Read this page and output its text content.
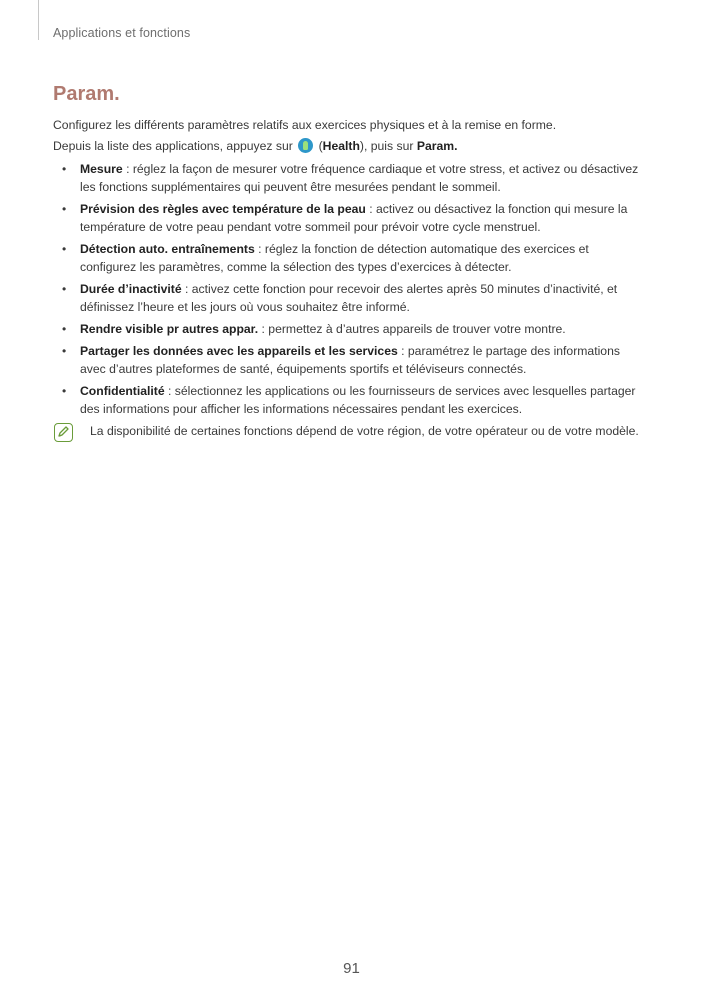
Applications et fonctions
Param.

Configurez les différents paramètres relatifs aux exercices physiques et à la remise en forme.

Depuis la liste des applications, appuyez sur (Health), puis sur Param.

• Mesure : réglez la façon de mesurer votre fréquence cardiaque et votre stress, et activez ou désactivez les fonctions supplémentaires qui peuvent être mesurées pendant le sommeil.
• Prévision des règles avec température de la peau : activez ou désactivez la fonction qui mesure la température de votre peau pendant votre sommeil pour prévoir votre cycle menstruel.
• Détection auto. entraînements : réglez la fonction de détection automatique des exercices et configurez les paramètres, comme la sélection des types d’exercices à détecter.
• Durée d’inactivité : activez cette fonction pour recevoir des alertes après 50 minutes d’inactivité, et définissez l’heure et les jours où vous souhaitez être informé.
• Rendre visible pr autres appar. : permettez à d’autres appareils de trouver votre montre.
• Partager les données avec les appareils et les services : paramétrez le partage des informations avec d’autres plateformes de santé, équipements sportifs et téléviseurs connectés.
• Confidentialité : sélectionnez les applications ou les fournisseurs de services avec lesquelles partager des informations pour afficher les informations nécessaires pendant les exercices.
La disponibilité de certaines fonctions dépend de votre région, de votre opérateur ou de votre modèle.
91
